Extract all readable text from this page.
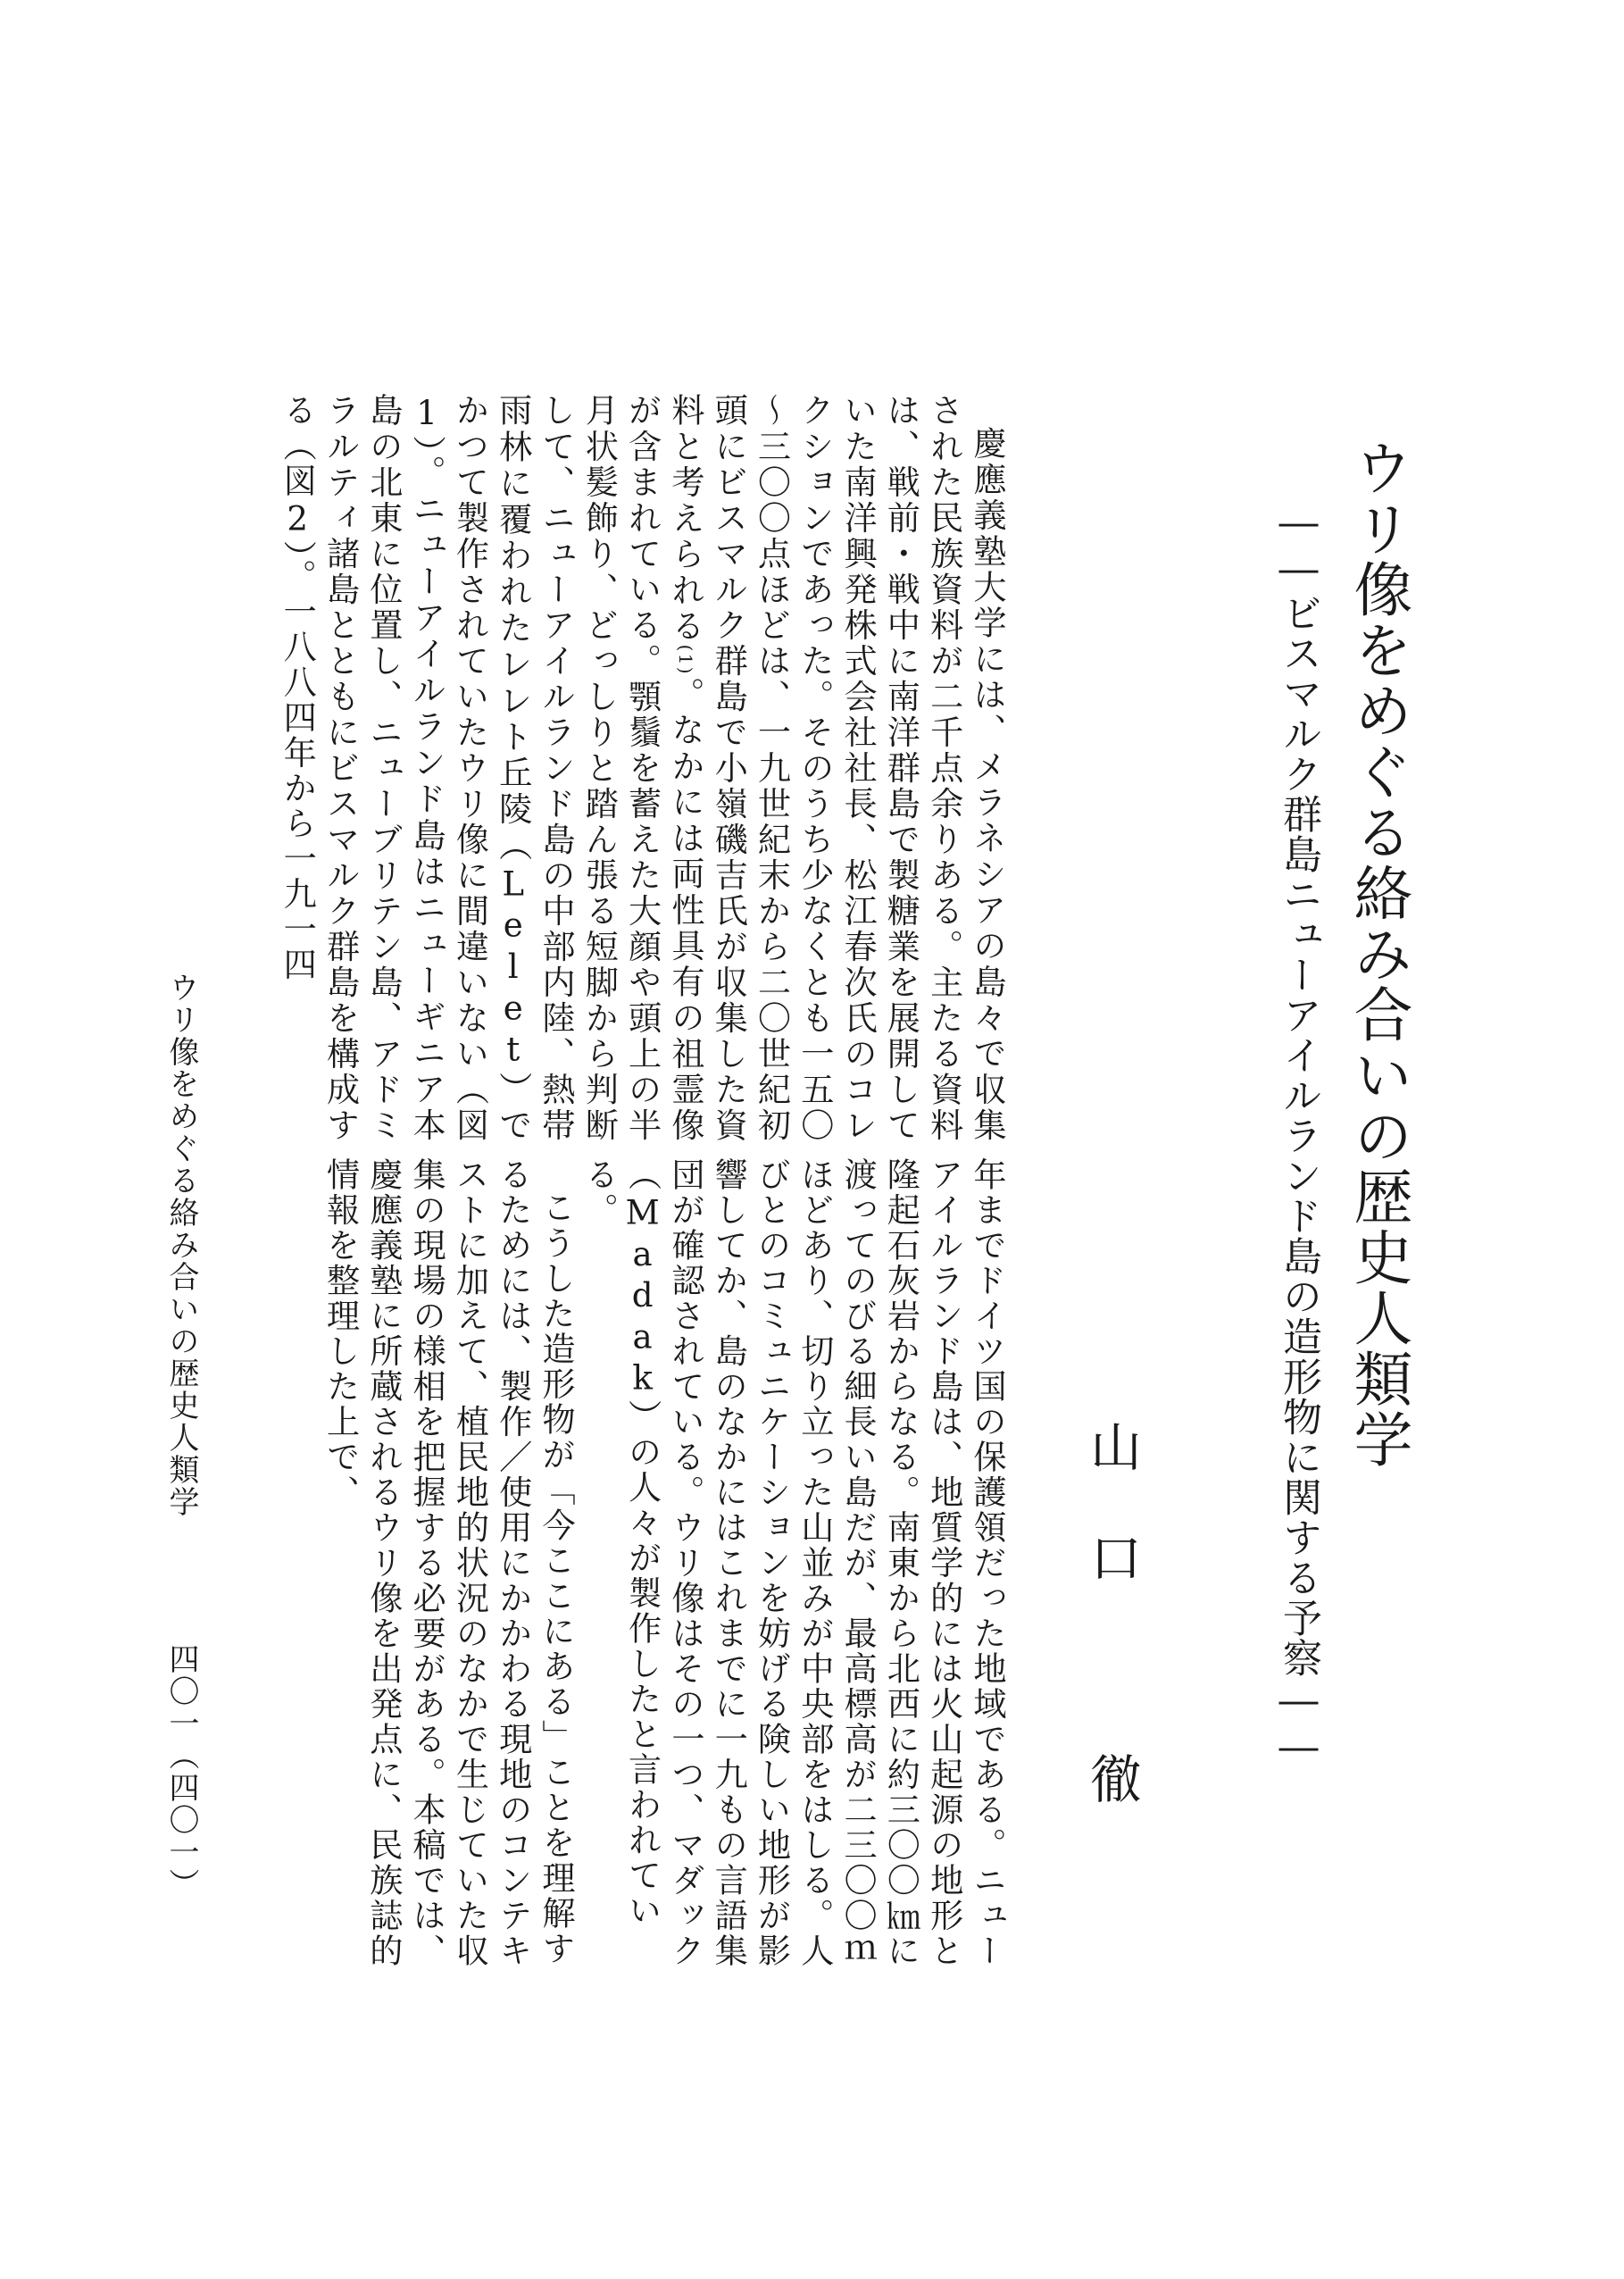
ウリ像をめぐる絡み合いの歴史人類学
――ビスマルク群島ニューアイルランド島の造形物に関する予察――
山口　徹

慶應義塾大学には、メラネシアの島々で収集された民族資料が二千点余りある。主たる資料は、戦前・戦中に南洋群島で製糖業を展開していた南洋興発株式会社社長、松江春次氏のコレクションであった。そのうち少なくとも一五〇～三〇〇点ほどは、一九世紀末から二〇世紀初頭にビスマルク群島で小嶺磯吉氏が収集した資料と考えられる(1)。なかには両性具有の祖霊像が含まれている。顎鬚を蓄えた大顔や頭上の半月状髪飾り、どっしりと踏ん張る短脚から判断して、ニューアイルランド島の中部内陸、熱帯雨林に覆われたレレト丘陵（Lelet）でかつて製作されていたウリ像に間違いない（図1）。ニューアイルランド島はニューギニア本島の北東に位置し、ニューブリテン島、アドミラルティ諸島とともにビスマルク群島を構成する（図2）。一八八四年から一九一四

年までドイツ国の保護領だった地域である。ニューアイルランド島は、地質学的には火山起源の地形と隆起石灰岩からなる。南東から北西に約三〇〇㎞に渡ってのびる細長い島だが、最高標高が二三〇〇ｍほどあり、切り立った山並みが中央部をはしる。人びとのコミュニケーションを妨げる険しい地形が影響してか、島のなかにはこれまでに一九もの言語集団が確認されている。ウリ像はその一つ、マダック（Madak）の人々が製作したと言われている。

こうした造形物が「今ここにある」ことを理解するためには、製作／使用にかかわる現地のコンテキストに加えて、植民地的状況のなかで生じていた収集の現場の様相を把握する必要がある。本稿では、慶應義塾に所蔵されるウリ像を出発点に、民族誌的情報を整理した上で、

ウリ像をめぐる絡み合いの歴史人類学
四〇一（四〇一）
